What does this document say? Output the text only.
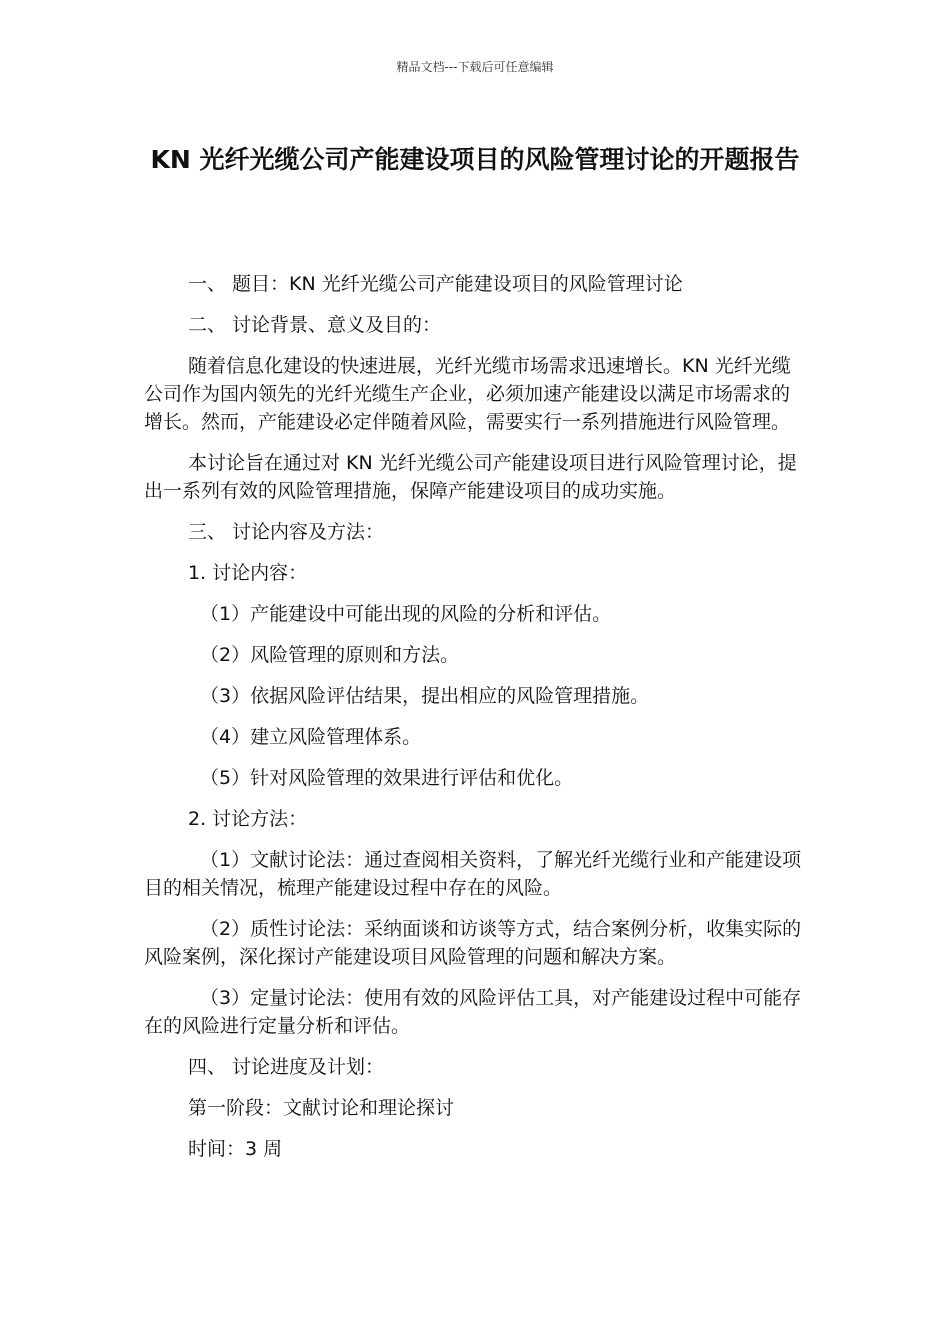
精品文档---下载后可任意编辑
KN 光纤光缆公司产能建设项目的风险管理讨论的开题报告

一、 题目：KN 光纤光缆公司产能建设项目的风险管理讨论

二、 讨论背景、意义及目的：

随着信息化建设的快速进展，光纤光缆市场需求迅速增长。KN 光纤光缆公司作为国内领先的光纤光缆生产企业，必须加速产能建设以满足市场需求的增长。然而，产能建设必定伴随着风险，需要实行一系列措施进行风险管理。

本讨论旨在通过对 KN 光纤光缆公司产能建设项目进行风险管理讨论，提出一系列有效的风险管理措施，保障产能建设项目的成功实施。

三、 讨论内容及方法：

1. 讨论内容：

（1）产能建设中可能出现的风险的分析和评估。

（2）风险管理的原则和方法。

（3）依据风险评估结果，提出相应的风险管理措施。

（4）建立风险管理体系。

（5）针对风险管理的效果进行评估和优化。

2. 讨论方法：

（1）文献讨论法：通过查阅相关资料，了解光纤光缆行业和产能建设项目的相关情况，梳理产能建设过程中存在的风险。

（2）质性讨论法：采纳面谈和访谈等方式，结合案例分析，收集实际的风险案例，深化探讨产能建设项目风险管理的问题和解决方案。

（3）定量讨论法：使用有效的风险评估工具，对产能建设过程中可能存在的风险进行定量分析和评估。

四、 讨论进度及计划：

第一阶段：文献讨论和理论探讨

时间：3 周
